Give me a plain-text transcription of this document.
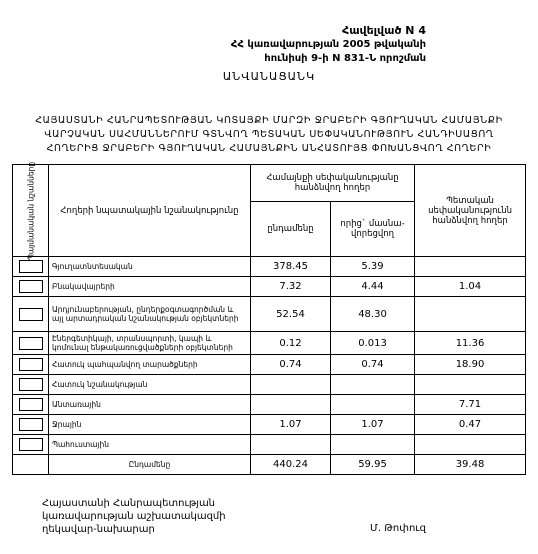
Հավելված N 4
ՀՀ կառավարության 2005 թվականի
հունիսի 9-ի N 831-Ն որոշման
ԱՆՎԱՆԱՑԱՆԿ
ՀԱՅԱՍՏԱՆԻ ՀԱՆՐԱՊԵՏՈՒԹՅԱՆ ԿՈՏԱՅՔԻ ՄԱՐԶԻ ՋՐԱԲԵՐԻ ԳՅՈՒՂԱԿԱՆ ՀԱՄԱՅՆՔԻ
ՎԱՐՉԱԿԱՆ ՍԱՀՄԱՆՆԵՐՈՒՄ ԳՏՆՎՈՂ ՊԵՏԱԿԱՆ ՍԵՓԱԿԱՆՈՒԹՅՈՒՆ ՀԱՆԴԻՍԱՑՈՂ
ՀՈՂԵՐԻՑ ՋՐԱԲԵՐԻ ԳՅՈՒՂԱԿԱՆ ՀԱՄԱՅՆՔԻՆ ԱՆՀԱՏՈՒՅՑ ՓՈԽԱՆՑՎՈՂ ՀՈՂԵՐԻ
Պայմանական նշանները	Հողերի նպատակային նշանակությունը	Համայնքի սեփականությանը հանձնվող հողեր		Պետական սեփականությունն հանձնվող հողեր
		ընդամենը	որից` մասնա-վորեցվող	

	Գյուղատնտեսական	378.45	5.39	

	Բնակավայրերի	7.32	4.44	1.04

	Արդյունաբերության, ընդերքօգտագործման և այլ արտադրական նշանակության օբյեկտների	52.54	48.30	

	Էներգետիկայի, տրանսպորտի, կապի և կոմունալ ենթակառուցվածքների օբյեկտների	0.12	0.013	11.36

	Հատուկ պահպանվող տարածքների	0.74	0.74	18.90

	Հատուկ նշանակության			

	Անտառային			7.71

	Ջրային	1.07	1.07	0.47

	Պահուստային			
	Ընդամենը	440.24	59.95	39.48
Հայաստանի Հանրապետության
կառավարության աշխատակազմի
ղեկավար-նախարար	Մ. Թոփուզ
